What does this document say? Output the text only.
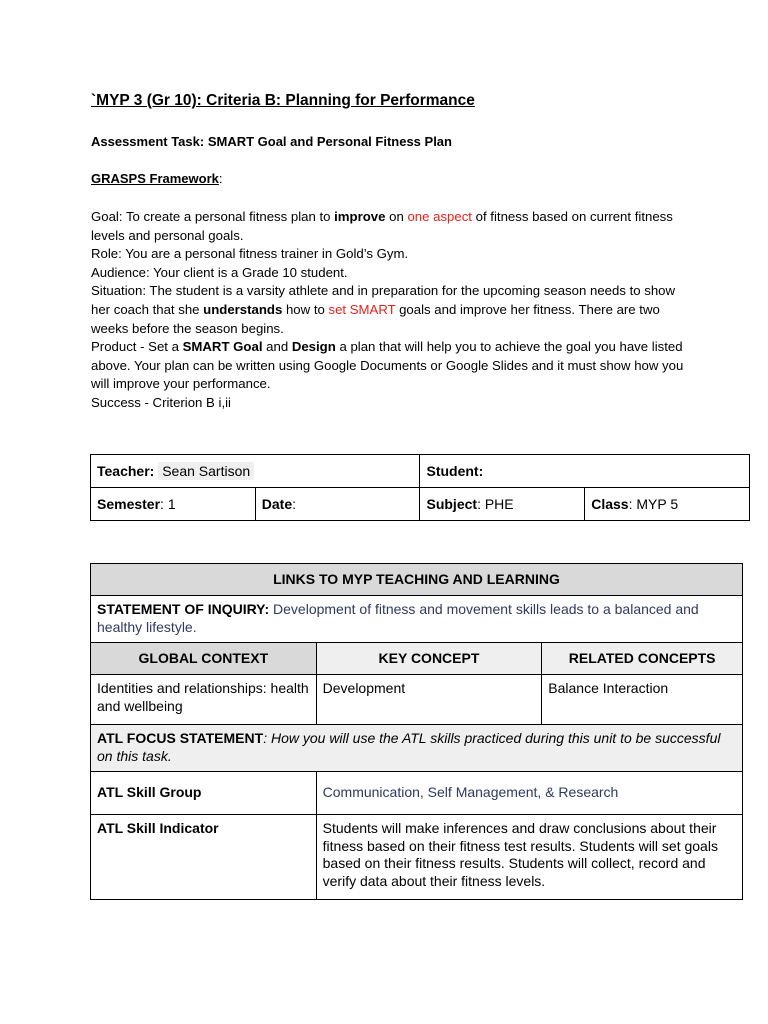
`MYP 3 (Gr 10): Criteria B: Planning for Performance
Assessment Task: SMART Goal and Personal Fitness Plan
GRASPS Framework:

Goal: To create a personal fitness plan to improve on one aspect of fitness based on current fitness levels and personal goals.

Role: You are a personal fitness trainer in Gold’s Gym.

Audience: Your client is a Grade 10 student.

Situation: The student is a varsity athlete and in preparation for the upcoming season needs to show her coach that she understands how to set SMART goals and improve her fitness. There are two weeks before the season begins.

Product - Set a SMART Goal and Design a plan that will help you to achieve the goal you have listed above. Your plan can be written using Google Documents or Google Slides and it must show how you will improve your performance.

Success - Criterion B i,ii

Teacher: Sean Sartison		Student:	
Semester: 1	Date:	Subject: PHE	Class: MYP 5
LINKS TO MYP TEACHING AND LEARNING		
STATEMENT OF INQUIRY: Development of fitness and movement skills leads to a balanced and healthy lifestyle.		
GLOBAL CONTEXT	KEY CONCEPT	RELATED CONCEPTS
Identities and relationships: health and wellbeing	Development	Balance Interaction
ATL FOCUS STATEMENT: How you will use the ATL skills practiced during this unit to be successful on this task.		
ATL Skill Group	Communication, Self Management, & Research	
ATL Skill Indicator	Students will make inferences and draw conclusions about their fitness based on their fitness test results. Students will set goals based on their fitness results. Students will collect, record and verify data about their fitness levels.	
